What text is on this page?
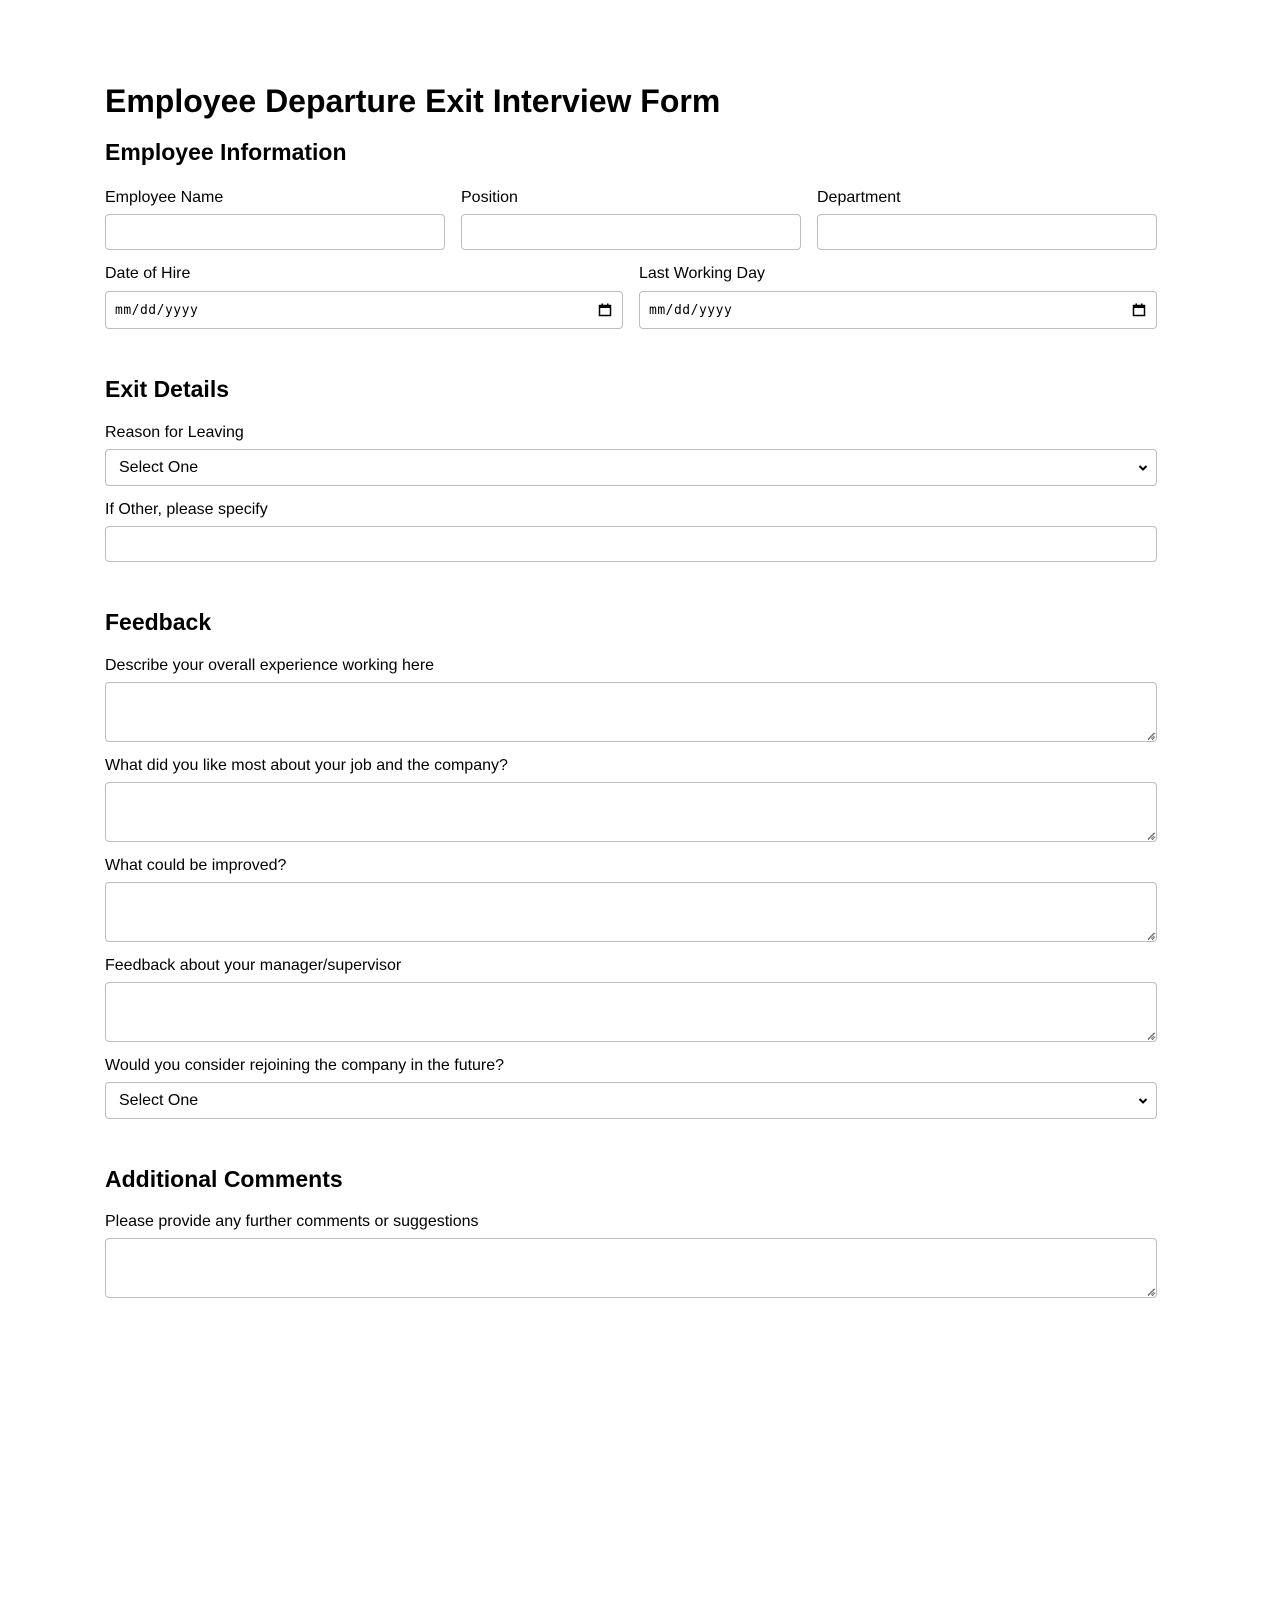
Employee Departure Exit Interview Form
Employee Information
Employee Name	Position	Department
Date of Hire
mm/dd/yyyy
Last Working Day
mm/dd/yyyy
Exit Details
Reason for Leaving
Select One
If Other, please specify
Feedback
Describe your overall experience working here
What did you like most about your job and the company?
What could be improved?
Feedback about your manager/supervisor
Would you consider rejoining the company in the future?
Select One
Additional Comments
Please provide any further comments or suggestions
